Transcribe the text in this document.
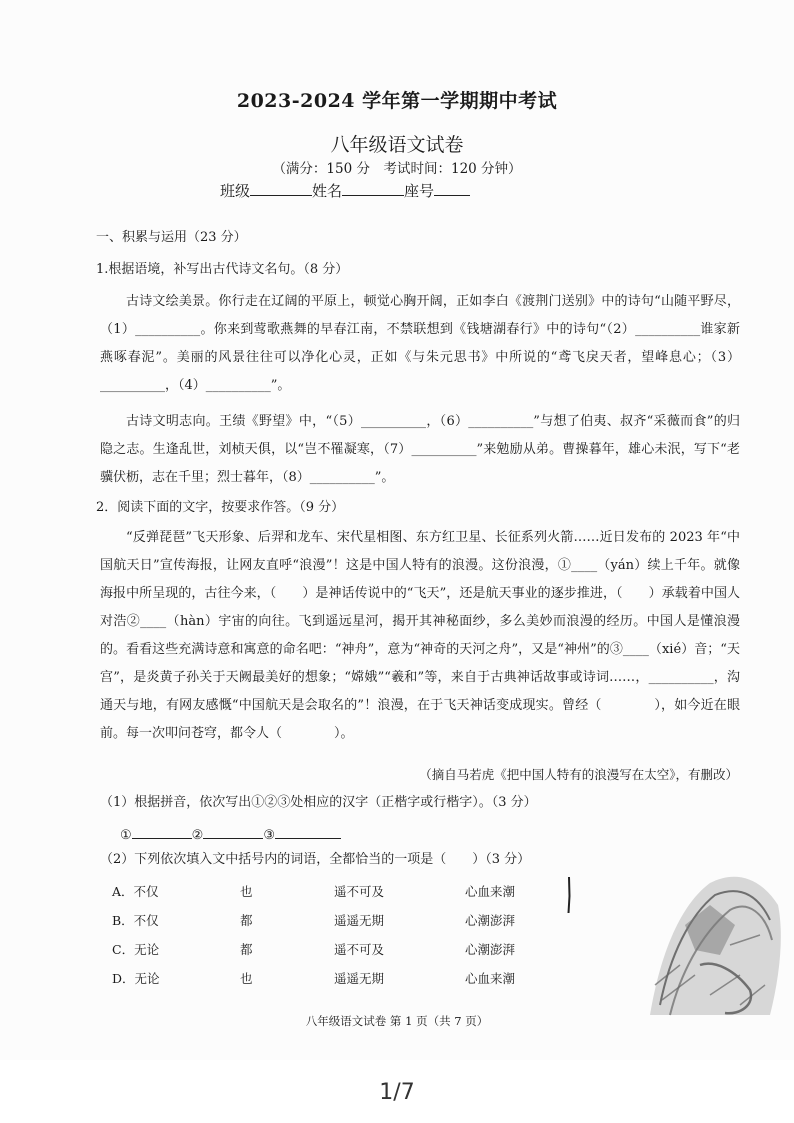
2023-2024 学年第一学期期中考试
八年级语文试卷
（满分：150 分　考试时间：120 分钟）
班级	姓名	座号
一、积累与运用（23 分）
1.根据语境，补写出古代诗文名句。（8 分）
古诗文绘美景。你行走在辽阔的平原上，顿觉心胸开阔，正如李白《渡荆门送别》中的诗句“山随平野尽，（1）__________。你来到莺歌燕舞的早春江南，不禁联想到《钱塘湖春行》中的诗句“（2）__________谁家新燕啄春泥”。美丽的风景往往可以净化心灵，正如《与朱元思书》中所说的“鸢飞戾天者，望峰息心；（3）__________，（4）__________”。
古诗文明志向。王绩《野望》中，“（5）__________，（6）__________”与想了伯夷、叔齐“采薇而食”的归隐之志。生逢乱世，刘桢天俱，以“岂不罹凝寒，（7）__________”来勉励从弟。曹操暮年，雄心未泯，写下“老骥伏枥，志在千里；烈士暮年，（8）__________”。
2．阅读下面的文字，按要求作答。（9 分）
“反弹琵琶”飞天形象、后羿和龙车、宋代星相图、东方红卫星、长征系列火箭……近日发布的 2023 年“中国航天日”宣传海报，让网友直呼“浪漫”！这是中国人特有的浪漫。这份浪漫，①____（yán）续上千年。就像海报中所呈现的，古往今来，（　　）是神话传说中的“飞天”，还是航天事业的逐步推进，（　　）承载着中国人对浩②____（hàn）宇宙的向往。飞到遥远星河，揭开其神秘面纱，多么美妙而浪漫的经历。中国人是懂浪漫的。看看这些充满诗意和寓意的命名吧：“神舟”，意为“神奇的天河之舟”，又是“神州”的③____（xié）音；“天宫”，是炎黄子孙关于天阙最美好的想象；“嫦娥”“羲和”等，来自于古典神话故事或诗词……，__________，沟通天与地，有网友感慨“中国航天是会取名的”！浪漫，在于飞天神话变成现实。曾经（　　　　），如今近在眼前。每一次叩问苍穹，都令人（　　　　）。
（摘自马若虎《把中国人特有的浪漫写在太空》，有删改）
（1）根据拼音，依次写出①②③处相应的汉字（正楷字或行楷字）。（3 分）
①	②	③
（2）下列依次填入文中括号内的词语，全都恰当的一项是（　　）（3 分）
A．不仅	也	遥不可及	心血来潮
B．不仅	都	遥遥无期	心潮澎湃
C．无论	都	遥不可及	心潮澎湃
D．无论	也	遥遥无期	心血来潮
八年级语文试卷 第 1 页（共 7 页）
1/7
